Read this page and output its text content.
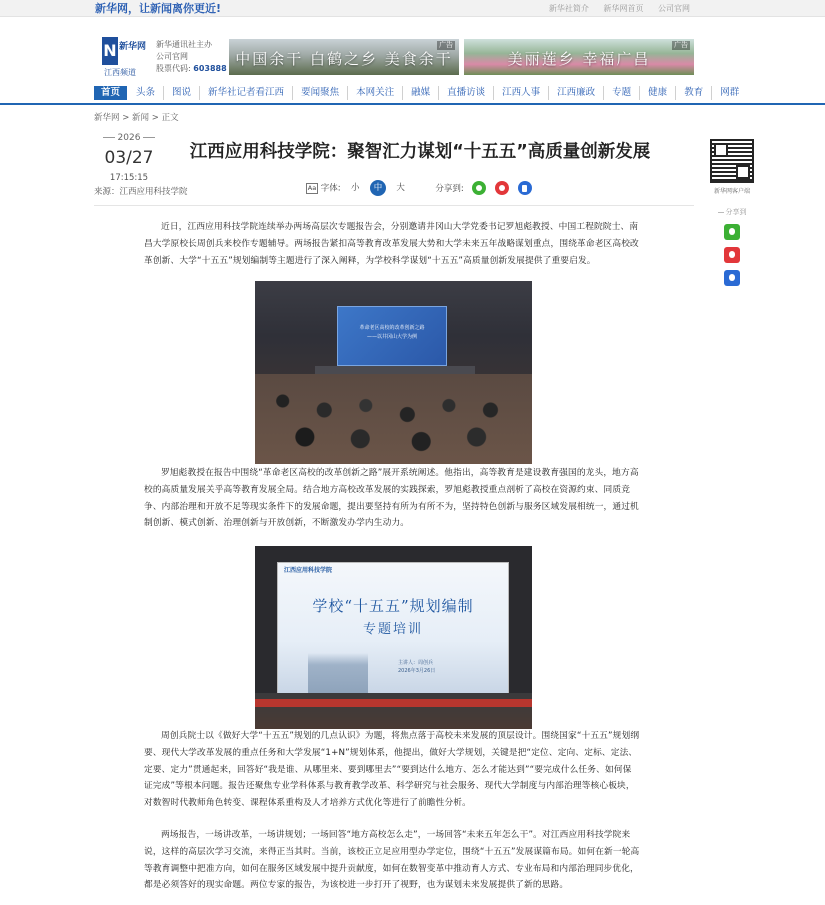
新华网，让新闻离你更近!	新华社简介 新华网首页 公司官网
N 新华网
江西频道
新华通讯社主办
公司官网
股票代码: 603888
中国余干 白鹤之乡 美食余干
广告
美丽莲乡 幸福广昌
广告
首页	头条	图说	新华社记者看江西	要闻聚焦	本网关注	融媒	直播访谈	江西人事	江西廉政	专题	健康	教育	网群
新华网 > 新闻 > 正文
2026
03/27
17:15:15
来源：江西应用科技学院
江西应用科技学院：聚智汇力谋划“十五五”高质量创新发展
Aa 字体: 小 中 大	分享到:	新华网客户端
分享到

近日，江西应用科技学院连续举办两场高层次专题报告会，分别邀请井冈山大学党委书记罗旭彪教授、中国工程院院士、南昌大学原校长周创兵来校作专题辅导。两场报告紧扣高等教育改革发展大势和大学未来五年战略谋划重点，围绕革命老区高校改革创新、大学“十五五”规划编制等主题进行了深入阐释，为学校科学谋划“十五五”高质量创新发展提供了重要启发。

革命老区高校的改革创新之路
——以井冈山大学为例

罗旭彪教授在报告中围绕“革命老区高校的改革创新之路”展开系统阐述。他指出，高等教育是建设教育强国的龙头，地方高校的高质量发展关乎高等教育发展全局。结合地方高校改革发展的实践探索，罗旭彪教授重点剖析了高校在资源约束、同质竞争、内部治理和开放不足等现实条件下的发展命题，提出要坚持有所为有所不为，坚持特色创新与服务区域发展相统一，通过机制创新、模式创新、治理创新与开放创新，不断激发办学内生动力。

江西应用科技学院
学校“十五五”规划编制
专题培训
主讲人：周创兵
2026年3月26日

周创兵院士以《做好大学“十五五”规划的几点认识》为题，将焦点落于高校未来发展的顶层设计。围绕国家“十五五”规划纲要、现代大学改革发展的重点任务和大学发展“1+N”规划体系，他提出，做好大学规划，关键是把“定位、定向、定标、定法、定要、定力”贯通起来，回答好“我是谁、从哪里来、要到哪里去”“要到达什么地方、怎么才能达到”“要完成什么任务、如何保证完成”等根本问题。报告还聚焦专业学科体系与教育教学改革、科学研究与社会服务、现代大学制度与内部治理等核心板块，对数智时代教师角色转变、课程体系重构及人才培养方式优化等进行了前瞻性分析。

两场报告，一场讲改革，一场讲规划；一场回答“地方高校怎么走”，一场回答“未来五年怎么干”。对江西应用科技学院来说，这样的高层次学习交流，来得正当其时。当前，该校正立足应用型办学定位，围绕“十五五”发展谋篇布局。如何在新一轮高等教育调整中把准方向，如何在服务区域发展中提升贡献度，如何在数智变革中推动育人方式、专业布局和内部治理同步优化，都是必须答好的现实命题。两位专家的报告，为该校进一步打开了视野，也为谋划未来发展提供了新的思路。
